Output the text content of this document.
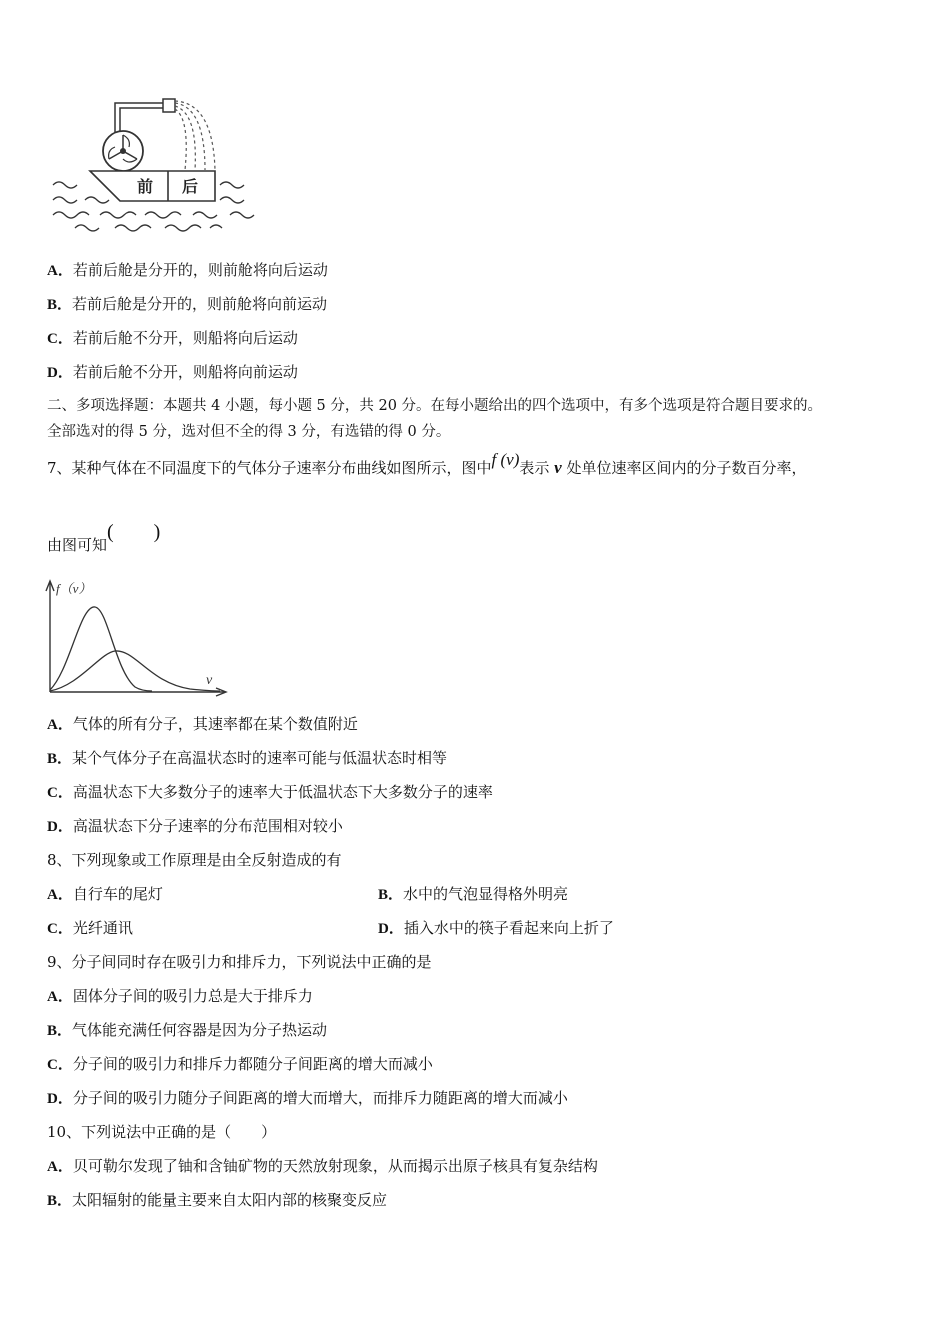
前 后
A．若前后舱是分开的，则前舱将向后运动
B．若前后舱是分开的，则前舱将向前运动
C．若前后舱不分开，则船将向后运动
D．若前后舱不分开，则船将向前运动
二、多项选择题：本题共 4 小题，每小题 5 分，共 20 分。在每小题给出的四个选项中，有多个选项是符合题目要求的。
全部选对的得 5 分，选对但不全的得 3 分，有选错的得 0 分。
7、某种气体在不同温度下的气体分子速率分布曲线如图所示，图中f (v)表示 v 处单位速率区间内的分子数百分率，
由图可知(　　)
f（v）
v
A．气体的所有分子，其速率都在某个数值附近
B．某个气体分子在高温状态时的速率可能与低温状态时相等
C．高温状态下大多数分子的速率大于低温状态下大多数分子的速率
D．高温状态下分子速率的分布范围相对较小
8、下列现象或工作原理是由全反射造成的有
A．自行车的尾灯	B．水中的气泡显得格外明亮
C．光纤通讯	D．插入水中的筷子看起来向上折了
9、分子间同时存在吸引力和排斥力，下列说法中正确的是
A．固体分子间的吸引力总是大于排斥力
B．气体能充满任何容器是因为分子热运动
C．分子间的吸引力和排斥力都随分子间距离的增大而减小
D．分子间的吸引力随分子间距离的增大而增大，而排斥力随距离的增大而减小
10、下列说法中正确的是（　　）
A．贝可勒尔发现了铀和含铀矿物的天然放射现象，从而揭示出原子核具有复杂结构
B．太阳辐射的能量主要来自太阳内部的核聚变反应
